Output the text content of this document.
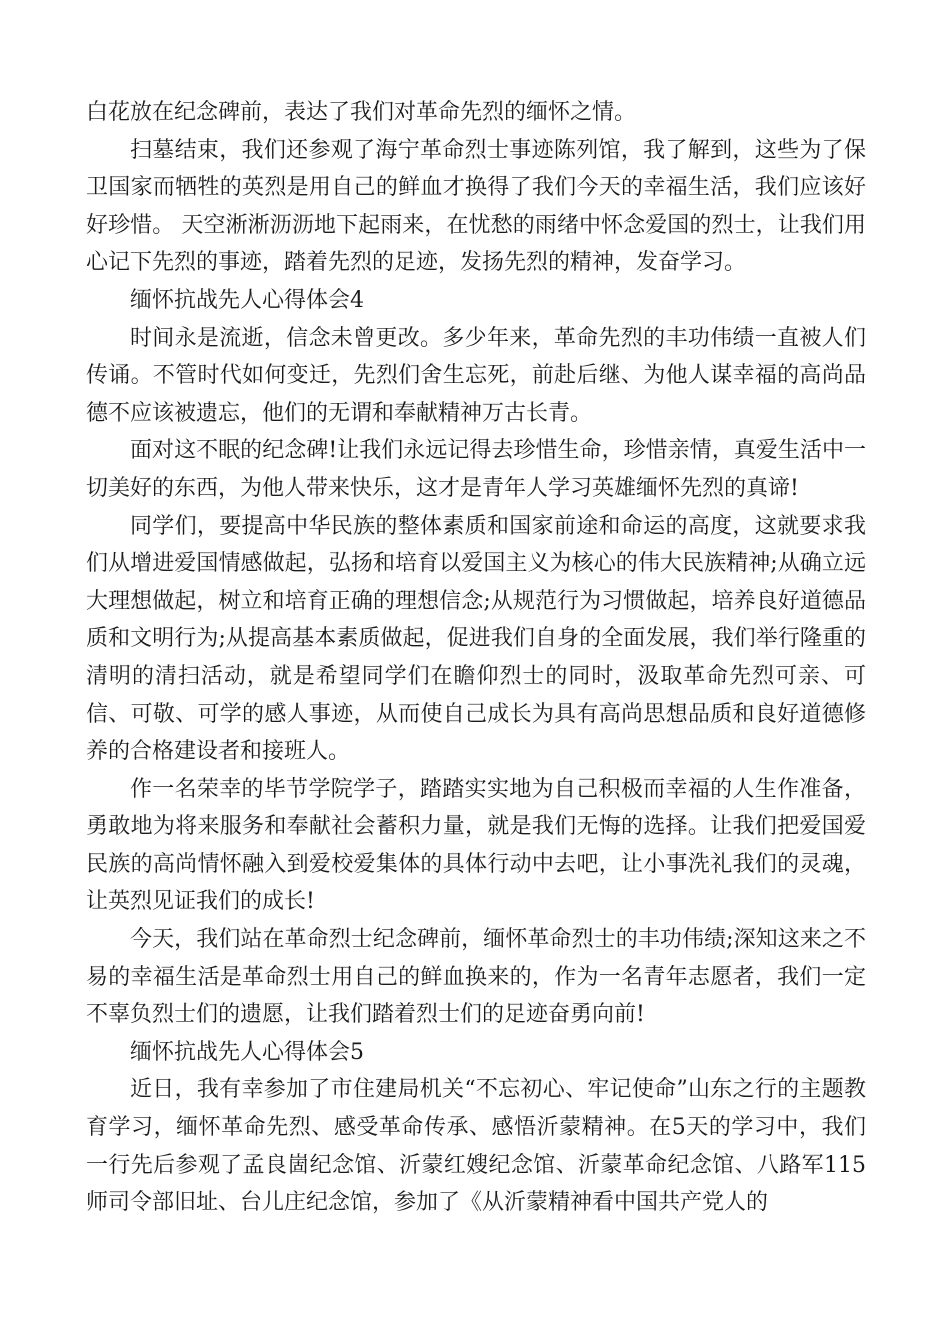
白花放在纪念碑前，表达了我们对革命先烈的缅怀之情。

扫墓结束，我们还参观了海宁革命烈士事迹陈列馆，我了解到，这些为了保卫国家而牺牲的英烈是用自己的鲜血才换得了我们今天的幸福生活，我们应该好好珍惜。 天空淅淅沥沥地下起雨来，在忧愁的雨绪中怀念爱国的烈士，让我们用心记下先烈的事迹，踏着先烈的足迹，发扬先烈的精神，发奋学习。

缅怀抗战先人心得体会4

时间永是流逝，信念未曾更改。多少年来，革命先烈的丰功伟绩一直被人们传诵。不管时代如何变迁，先烈们舍生忘死，前赴后继、为他人谋幸福的高尚品德不应该被遗忘，他们的无谓和奉献精神万古长青。

面对这不眠的纪念碑!让我们永远记得去珍惜生命，珍惜亲情，真爱生活中一切美好的东西，为他人带来快乐，这才是青年人学习英雄缅怀先烈的真谛!

同学们，要提高中华民族的整体素质和国家前途和命运的高度，这就要求我们从增进爱国情感做起，弘扬和培育以爱国主义为核心的伟大民族精神;从确立远大理想做起，树立和培育正确的理想信念;从规范行为习惯做起，培养良好道德品质和文明行为;从提高基本素质做起，促进我们自身的全面发展，我们举行隆重的清明的清扫活动，就是希望同学们在瞻仰烈士的同时，汲取革命先烈可亲、可信、可敬、可学的感人事迹，从而使自己成长为具有高尚思想品质和良好道德修养的合格建设者和接班人。

作一名荣幸的毕节学院学子，踏踏实实地为自己积极而幸福的人生作准备，勇敢地为将来服务和奉献社会蓄积力量，就是我们无悔的选择。让我们把爱国爱民族的高尚情怀融入到爱校爱集体的具体行动中去吧，让小事洗礼我们的灵魂，让英烈见证我们的成长!

今天，我们站在革命烈士纪念碑前，缅怀革命烈士的丰功伟绩;深知这来之不易的幸福生活是革命烈士用自己的鲜血换来的，作为一名青年志愿者，我们一定不辜负烈士们的遗愿，让我们踏着烈士们的足迹奋勇向前!

缅怀抗战先人心得体会5

近日，我有幸参加了市住建局机关“不忘初心、牢记使命”山东之行的主题教育学习，缅怀革命先烈、感受革命传承、感悟沂蒙精神。在5天的学习中，我们一行先后参观了孟良崮纪念馆、沂蒙红嫂纪念馆、沂蒙革命纪念馆、八路军115师司令部旧址、台儿庄纪念馆，参加了《从沂蒙精神看中国共产党人的
